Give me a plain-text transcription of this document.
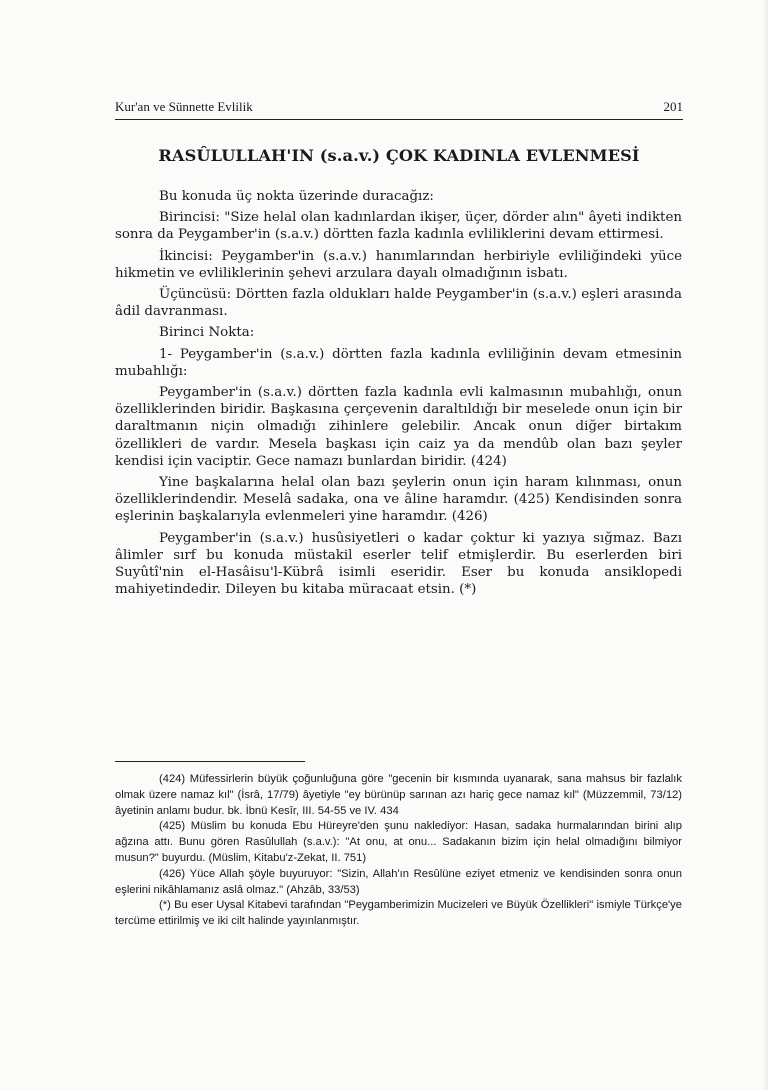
Kur'an ve Sünnette Evlilik	201
RASÛLULLAH'IN (s.a.v.) ÇOK KADINLA EVLENMESİ

Bu konuda üç nokta üzerinde duracağız:

Birincisi: "Size helal olan kadınlardan ikişer, üçer, dörder alın" âyeti indikten sonra da Peygamber'in (s.a.v.) dörtten fazla kadınla evliliklerini devam ettirmesi.

İkincisi: Peygamber'in (s.a.v.) hanımlarından herbiriyle evliliğindeki yüce hikmetin ve evliliklerinin şehevi arzulara dayalı olmadığının isbatı.

Üçüncüsü: Dörtten fazla oldukları halde Peygamber'in (s.a.v.) eşleri arasında âdil davranması.

Birinci Nokta:

1- Peygamber'in (s.a.v.) dörtten fazla kadınla evliliğinin devam etmesinin mubahlığı:

Peygamber'in (s.a.v.) dörtten fazla kadınla evli kalmasının mubahlığı, onun özelliklerinden biridir. Başkasına çerçevenin daraltıldığı bir meselede onun için bir daraltmanın niçin olmadığı zihinlere gelebilir. Ancak onun diğer birtakım özellikleri de vardır. Mesela başkası için caiz ya da mendûb olan bazı şeyler kendisi için vaciptir. Gece namazı bunlardan biridir. (424)

Yine başkalarına helal olan bazı şeylerin onun için haram kılınması, onun özelliklerindendir. Meselâ sadaka, ona ve âline haramdır. (425) Kendisinden sonra eşlerinin başkalarıyla evlenmeleri yine haramdır. (426)

Peygamber'in (s.a.v.) husûsiyetleri o kadar çoktur ki yazıya sığmaz. Bazı âlimler sırf bu konuda müstakil eserler telif etmişlerdir. Bu eserlerden biri Suyûtî'nin el-Hasâisu'l-Kübrâ isimli eseridir. Eser bu konuda ansiklopedi mahiyetindedir. Dileyen bu kitaba müracaat etsin. (*)

(424) Müfessirlerin büyük çoğunluğuna göre "gecenin bir kısmında uyanarak, sana mahsus bir fazlalık olmak üzere namaz kıl" (İsrâ, 17/79) âyetiyle "ey bürünüp sarınan azı hariç gece namaz kıl" (Müzzemmil, 73/12) âyetinin anlamı budur. bk. İbnü Kesîr, III. 54-55 ve IV. 434

(425) Müslim bu konuda Ebu Hüreyre'den şunu naklediyor: Hasan, sadaka hurmalarından birini alıp ağzına attı. Bunu gören Rasûlullah (s.a.v.): "At onu, at onu... Sadakanın bizim için helal olmadığını bilmiyor musun?" buyurdu. (Müslim, Kitabu'z-Zekat, II. 751)

(426) Yüce Allah şöyle buyuruyor: "Sizin, Allah'ın Resûlüne eziyet etmeniz ve kendisinden sonra onun eşlerini nikâhlamanız aslâ olmaz." (Ahzâb, 33/53)

(*) Bu eser Uysal Kitabevi tarafından "Peygamberimizin Mucizeleri ve Büyük Özellikleri" ismiyle Türkçe'ye tercüme ettirilmiş ve iki cilt halinde yayınlanmıştır.
